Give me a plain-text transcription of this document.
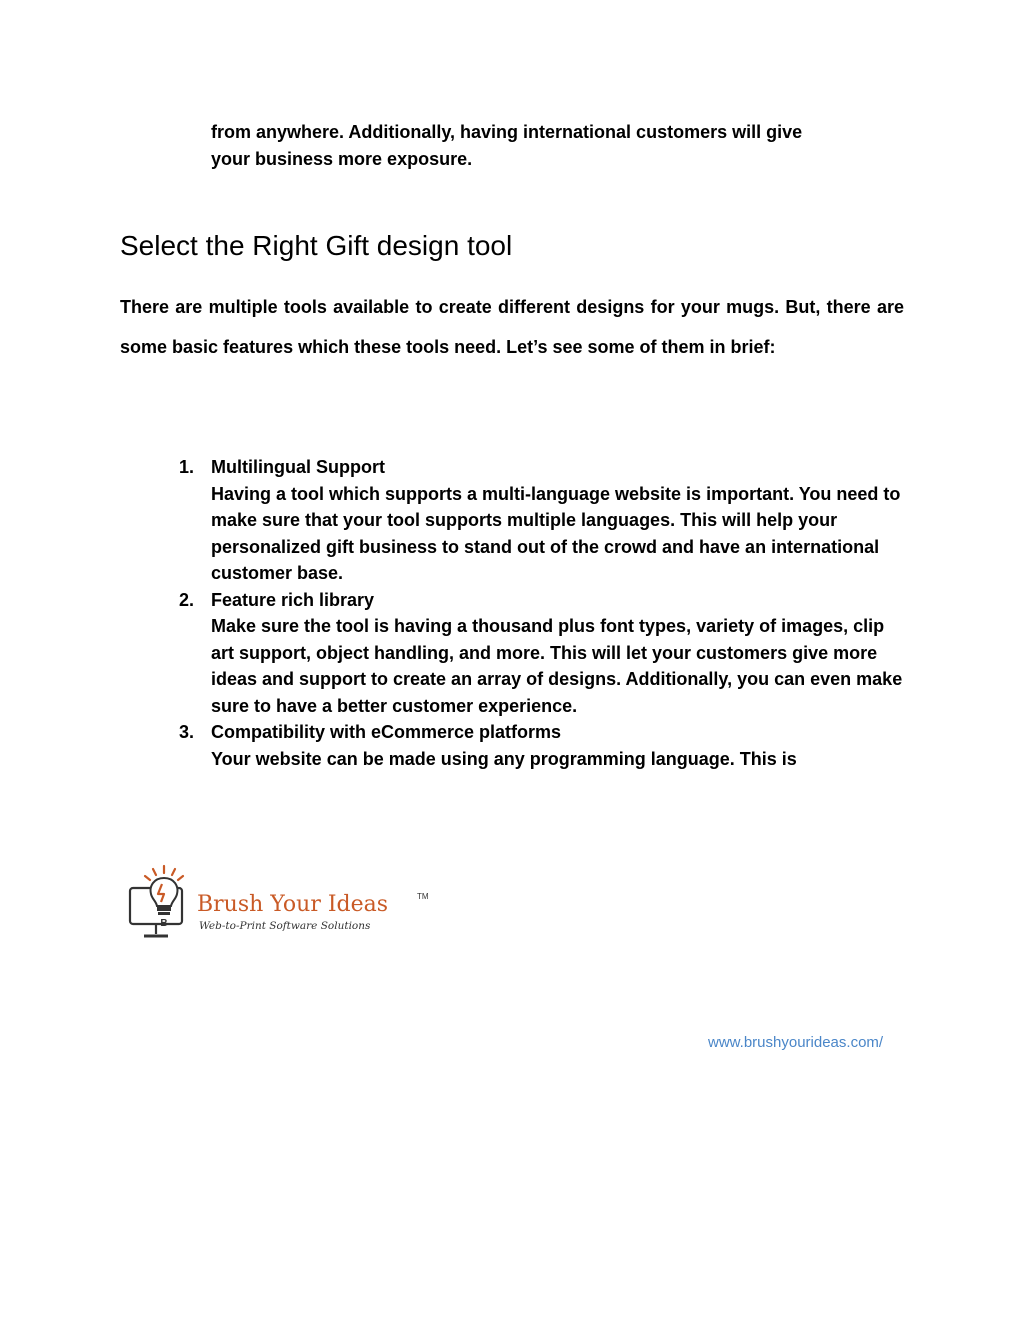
from anywhere. Additionally, having international customers will give
your business more exposure.
Select the Right Gift design tool

There are multiple tools available to create different designs for your mugs. But, there are some basic features which these tools need. Let’s see some of them in brief:

1. Multilingual Support
Having a tool which supports a multi-language website is important. You need to make sure that your tool supports multiple languages. This will help your personalized gift business to stand out of the crowd and have an international customer base.
2. Feature rich library
Make sure the tool is having a thousand plus font types, variety of images, clip art support, object handling, and more. This will let your customers give more ideas and support to create an array of designs. Additionally, you can even make sure to have a better customer experience.
3. Compatibility with eCommerce platforms
Your website can be made using any programming language. This is
B
Brush Your Ideas	TM
Web-to-Print Software Solutions
www.brushyourideas.com/
